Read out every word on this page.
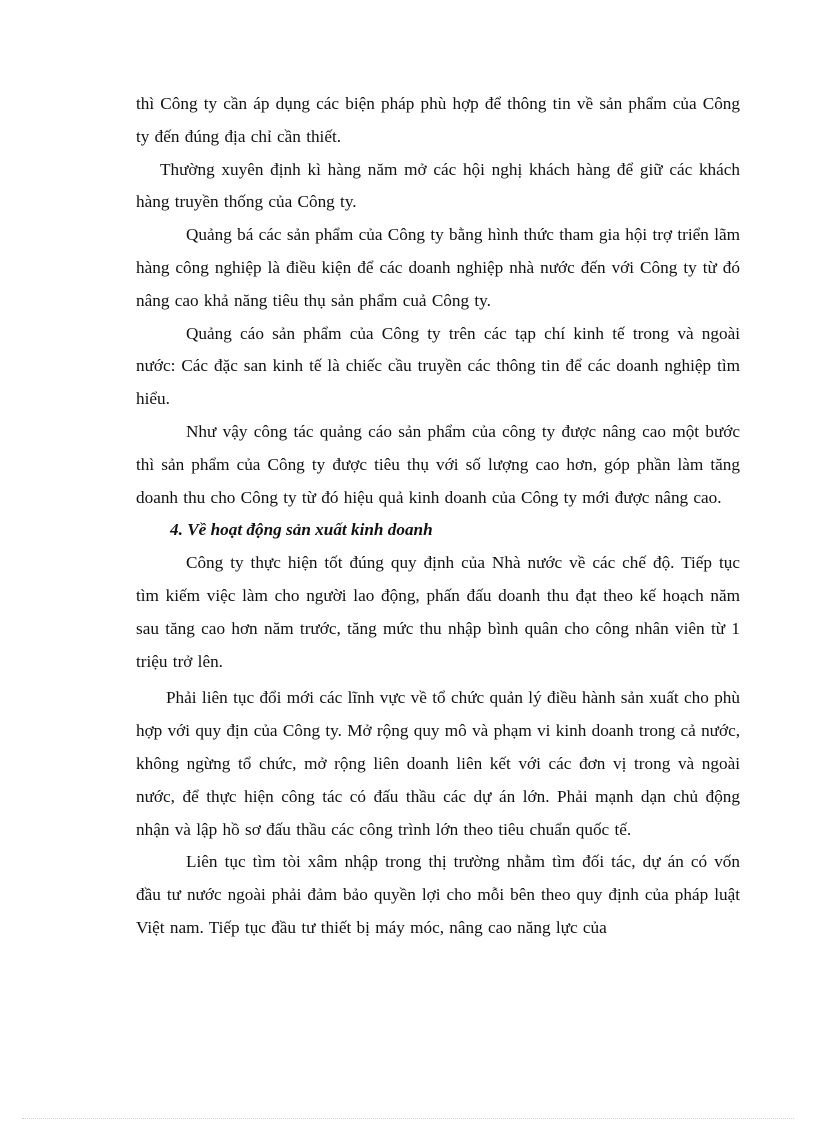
thì Công ty cần áp dụng các biện pháp phù hợp để thông tin về sản phẩm của Công ty đến đúng địa chỉ cần thiết.

Thường xuyên định kì hàng năm mở các hội nghị khách hàng để giữ các khách hàng truyền thống của Công ty.

Quảng bá các sản phẩm của Công ty bằng hình thức tham gia hội trợ triển lãm hàng công nghiệp là điều kiện để các doanh nghiệp nhà nước đến với Công ty từ đó nâng cao khả năng tiêu thụ sản phẩm cuả Công ty.

Quảng cáo sản phẩm của Công ty trên các tạp chí kinh tế trong và ngoài nước: Các đặc san kinh tế là chiếc cầu truyền các thông tin để các doanh nghiệp tìm hiểu.

Như vậy công tác quảng cáo sản phẩm của công ty được nâng cao một bước thì sản phẩm của Công ty được tiêu thụ với số lượng cao hơn, góp phần làm tăng doanh thu cho Công ty từ đó hiệu quả kinh doanh của Công ty mới được nâng cao.

4. Về hoạt động sản xuất kinh doanh

Công ty thực hiện tốt đúng quy định của Nhà nước về các chế độ. Tiếp tục tìm kiếm việc làm cho người lao động, phấn đấu doanh thu đạt theo kế hoạch năm sau tăng cao hơn năm trước, tăng mức thu nhập bình quân cho công nhân viên từ 1 triệu trở lên.

Phải liên tục đổi mới các lĩnh vực về tổ chức quản lý điều hành sản xuất cho phù hợp với quy địn của Công ty. Mở rộng quy mô và phạm vi kinh doanh trong cả nước, không ngừng tổ chức, mở rộng liên doanh liên kết với các đơn vị trong và ngoài nước, để thực hiện công tác có đấu thầu các dự án lớn. Phải mạnh dạn chủ động nhận và lập hồ sơ đấu thầu các công trình lớn theo tiêu chuẩn quốc tế.

Liên tục tìm tòi xâm nhập trong thị trường nhằm tìm đối tác, dự án có vốn đầu tư nước ngoài phải đảm bảo quyền lợi cho mỗi bên theo quy định của pháp luật Việt nam. Tiếp tục đầu tư thiết bị máy móc, nâng cao năng lực của
